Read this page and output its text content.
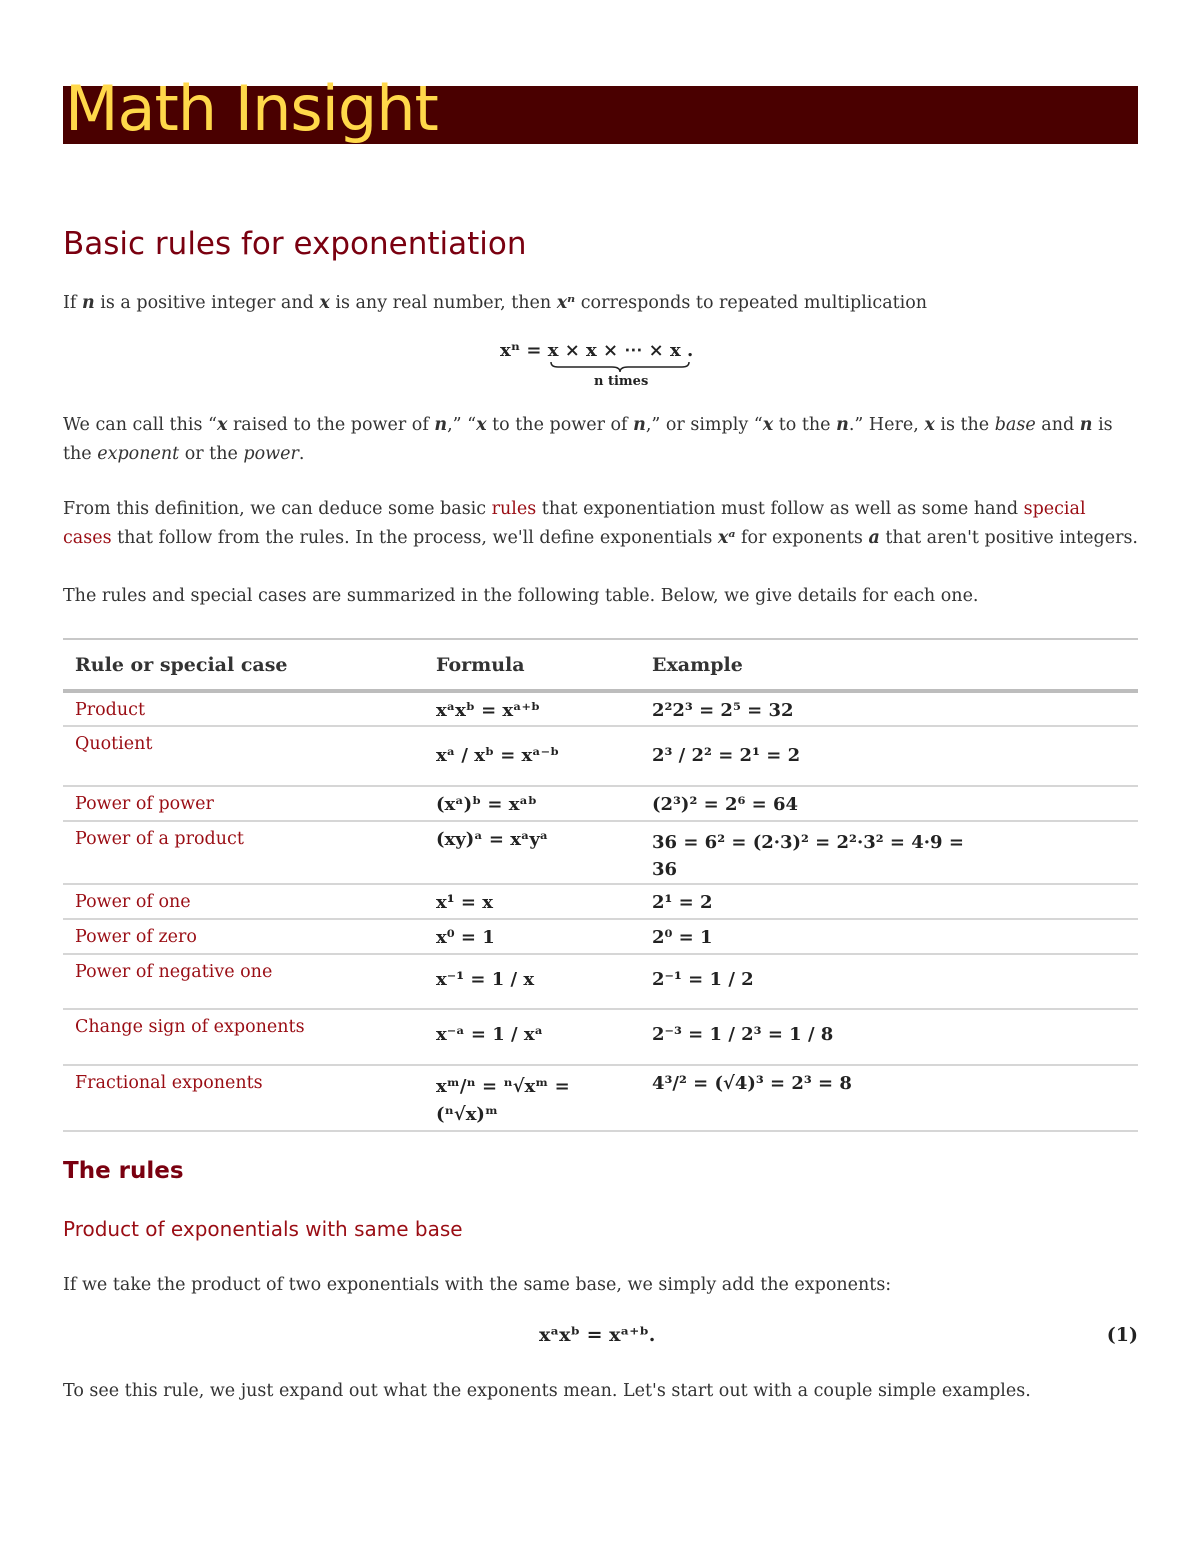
Math Insight
Basic rules for exponentiation

If n is a positive integer and x is any real number, then xⁿ corresponds to repeated multiplication

xⁿ = x × x × ⋯ × x .
n times

We can call this “x raised to the power of n,” “x to the power of n,” or simply “x to the n.” Here, x is the base and n is the exponent or the power.

From this definition, we can deduce some basic rules that exponentiation must follow as well as some hand special cases that follow from the rules. In the process, we'll define exponentials xᵃ for exponents a that aren't positive integers.

The rules and special cases are summarized in the following table. Below, we give details for each one.

Rule or special case	Formula	Example
Product	xᵃxᵇ = xᵃ⁺ᵇ	2²2³ = 2⁵ = 32
Quotient	xᵃ / xᵇ = xᵃ⁻ᵇ	2³ / 2² = 2¹ = 2
Power of power	(xᵃ)ᵇ = xᵃᵇ	(2³)² = 2⁶ = 64
Power of a product	(xy)ᵃ = xᵃyᵃ	36 = 6² = (2·3)² = 2²·3² = 4·9 = 36
Power of one	x¹ = x	2¹ = 2
Power of zero	x⁰ = 1	2⁰ = 1
Power of negative one	x⁻¹ = 1 / x	2⁻¹ = 1 / 2
Change sign of exponents	x⁻ᵃ = 1 / xᵃ	2⁻³ = 1 / 2³ = 1 / 8
Fractional exponents	xᵐ/ⁿ = ⁿ√xᵐ = (ⁿ√x)ᵐ	4³/² = (√4)³ = 2³ = 8
The rules
Product of exponentials with same base

If we take the product of two exponentials with the same base, we simply add the exponents:

xᵃxᵇ = xᵃ⁺ᵇ.	(1)

To see this rule, we just expand out what the exponents mean. Let's start out with a couple simple examples.
